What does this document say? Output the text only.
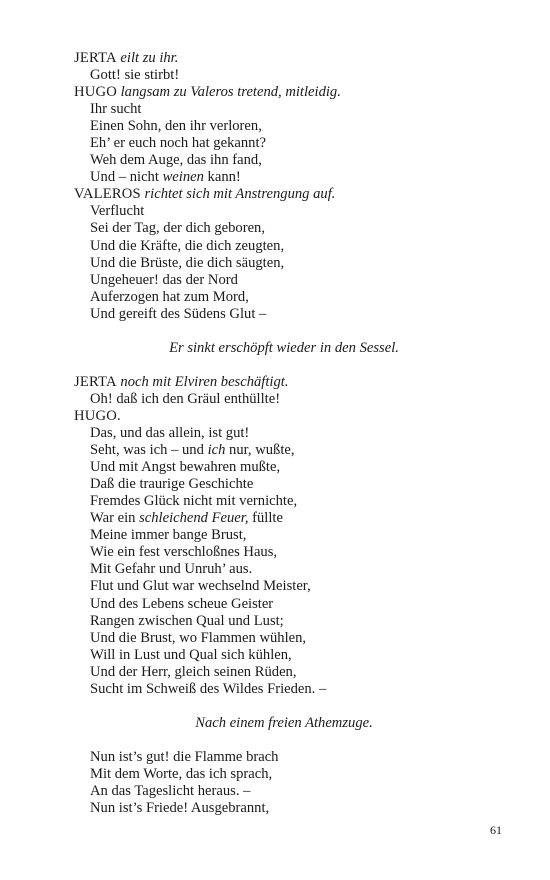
JERTA eilt zu ihr.
Gott! sie stirbt!
HUGO langsam zu Valeros tretend, mitleidig.
Ihr sucht
Einen Sohn, den ihr verloren,
Eh’ er euch noch hat gekannt?
Weh dem Auge, das ihn fand,
Und – nicht weinen kann!
VALEROS richtet sich mit Anstrengung auf.
Verflucht
Sei der Tag, der dich geboren,
Und die Kräfte, die dich zeugten,
Und die Brüste, die dich säugten,
Ungeheuer! das der Nord
Auferzogen hat zum Mord,
Und gereift des Südens Glut –
Er sinkt erschöpft wieder in den Sessel.
JERTA noch mit Elviren beschäftigt.
Oh! daß ich den Gräul enthüllte!
HUGO.
Das, und das allein, ist gut!
Seht, was ich – und ich nur, wußte,
Und mit Angst bewahren mußte,
Daß die traurige Geschichte
Fremdes Glück nicht mit vernichte,
War ein schleichend Feuer, füllte
Meine immer bange Brust,
Wie ein fest verschloßnes Haus,
Mit Gefahr und Unruh’ aus.
Flut und Glut war wechselnd Meister,
Und des Lebens scheue Geister
Rangen zwischen Qual und Lust;
Und die Brust, wo Flammen wühlen,
Will in Lust und Qual sich kühlen,
Und der Herr, gleich seinen Rüden,
Sucht im Schweiß des Wildes Frieden. –
Nach einem freien Athemzuge.
Nun ist’s gut! die Flamme brach
Mit dem Worte, das ich sprach,
An das Tageslicht heraus. –
Nun ist’s Friede! Ausgebrannt,
61
